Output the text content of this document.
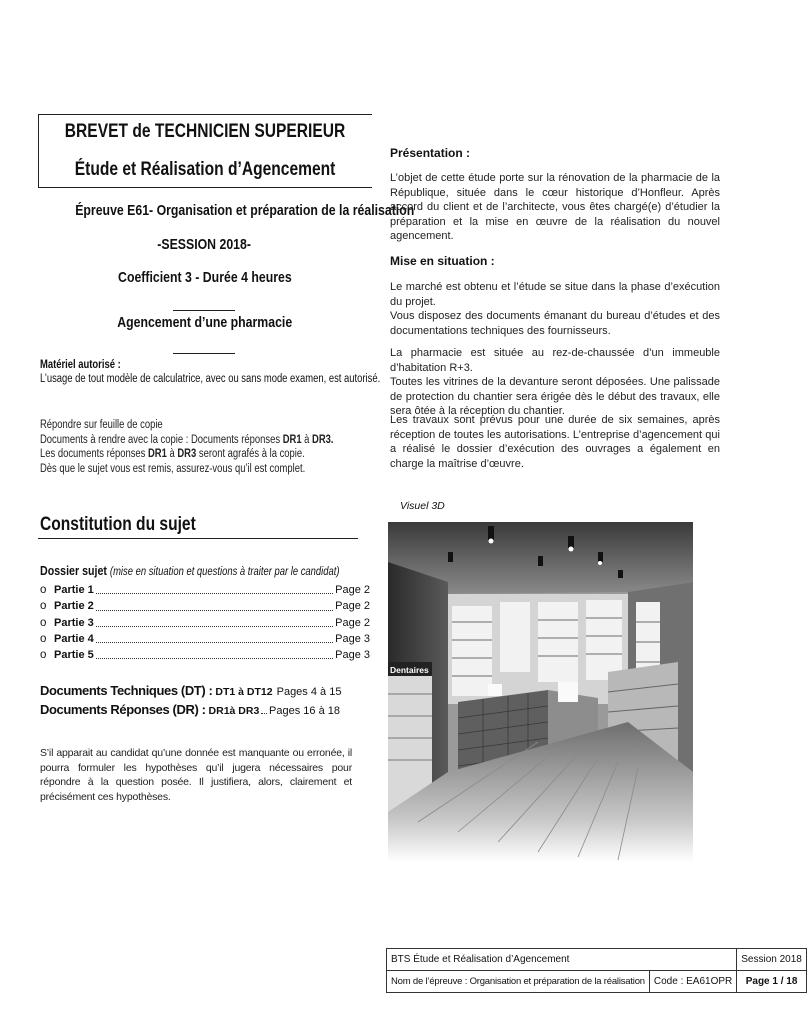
BREVET de TECHNICIEN SUPERIEUR
Étude et Réalisation d’Agencement
Épreuve E61- Organisation et préparation de la réalisation
-SESSION 2018-
Coefficient 3 - Durée 4 heures
Agencement d’une pharmacie
Matériel autorisé :
L’usage de tout modèle de calculatrice, avec ou sans mode examen, est autorisé.
Répondre sur feuille de copie
Documents à rendre avec la copie : Documents réponses DR1 à DR3.
Les documents réponses DR1 à DR3 seront agrafés à la copie.
Dès que le sujet vous est remis, assurez-vous qu’il est complet.
Constitution du sujet
Dossier sujet (mise en situation et questions à traiter par le candidat)
o Partie 1	Page 2
o Partie 2	Page 2
o Partie 3	Page 2
o Partie 4	Page 3
o Partie 5	Page 3
Documents Techniques (DT) : DT1 à DT12 Pages 4 à 15
Documents Réponses (DR) : DR1à DR3 Pages 16 à 18
S’il apparait au candidat qu’une donnée est manquante ou erronée, il pourra formuler les hypothèses qu’il jugera nécessaires pour répondre à la question posée. Il justifiera, alors, clairement et précisément ces hypothèses.
Présentation :
L’objet de cette étude porte sur la rénovation de la pharmacie de la République, située dans le cœur historique d’Honfleur. Après accord du client et de l’architecte, vous êtes chargé(e) d’étudier la préparation et la mise en œuvre de la réalisation du nouvel agencement.
Mise en situation :
Le marché est obtenu et l’étude se situe dans la phase d’exécution du projet.
Vous disposez des documents émanant du bureau d’études et des documentations techniques des fournisseurs.
La pharmacie est située au rez-de-chaussée d’un immeuble d’habitation R+3.
Toutes les vitrines de la devanture seront déposées. Une palissade de protection du chantier sera érigée dès le début des travaux, elle sera ôtée à la réception du chantier.
Les travaux sont prévus pour une durée de six semaines, après réception de toutes les autorisations. L’entreprise d’agencement qui a réalisé le dossier d’exécution des ouvrages a également en charge la maîtrise d’œuvre.
Visuel 3D
Dentaires
BTS Étude et Réalisation d’Agencement		Session 2018
Nom de l’épreuve : Organisation et préparation de la réalisation	Code : EA61OPR	Page 1 / 18
